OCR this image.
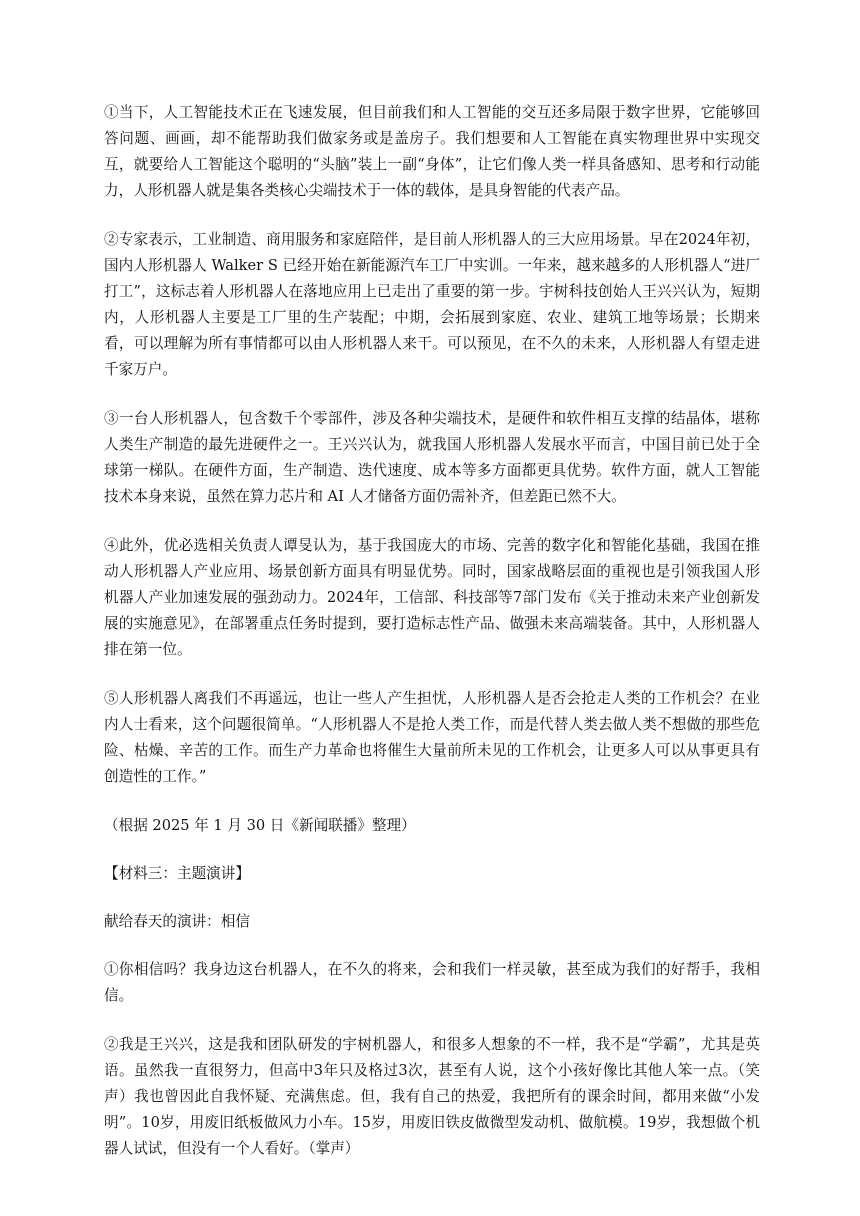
①当下，人工智能技术正在飞速发展，但目前我们和人工智能的交互还多局限于数字世界，它能够回答问题、画画，却不能帮助我们做家务或是盖房子。我们想要和人工智能在真实物理世界中实现交互，就要给人工智能这个聪明的“头脑”装上一副“身体”，让它们像人类一样具备感知、思考和行动能力，人形机器人就是集各类核心尖端技术于一体的载体，是具身智能的代表产品。

②专家表示，工业制造、商用服务和家庭陪伴，是目前人形机器人的三大应用场景。早在2024年初，国内人形机器人 Walker S 已经开始在新能源汽车工厂中实训。一年来，越来越多的人形机器人“进厂打工”，这标志着人形机器人在落地应用上已走出了重要的第一步。宇树科技创始人王兴兴认为，短期内，人形机器人主要是工厂里的生产装配；中期，会拓展到家庭、农业、建筑工地等场景；长期来看，可以理解为所有事情都可以由人形机器人来干。可以预见，在不久的未来，人形机器人有望走进千家万户。

③一台人形机器人，包含数千个零部件，涉及各种尖端技术，是硬件和软件相互支撑的结晶体，堪称人类生产制造的最先进硬件之一。王兴兴认为，就我国人形机器人发展水平而言，中国目前已处于全球第一梯队。在硬件方面，生产制造、迭代速度、成本等多方面都更具优势。软件方面，就人工智能技术本身来说，虽然在算力芯片和 AI 人才储备方面仍需补齐，但差距已然不大。

④此外，优必选相关负责人谭旻认为，基于我国庞大的市场、完善的数字化和智能化基础，我国在推动人形机器人产业应用、场景创新方面具有明显优势。同时，国家战略层面的重视也是引领我国人形机器人产业加速发展的强劲动力。2024年，工信部、科技部等7部门发布《关于推动未来产业创新发展的实施意见》，在部署重点任务时提到，要打造标志性产品、做强未来高端装备。其中，人形机器人排在第一位。

⑤人形机器人离我们不再遥远，也让一些人产生担忧，人形机器人是否会抢走人类的工作机会？在业内人士看来，这个问题很简单。“人形机器人不是抢人类工作，而是代替人类去做人类不想做的那些危险、枯燥、辛苦的工作。而生产力革命也将催生大量前所未见的工作机会，让更多人可以从事更具有创造性的工作。”

（根据 2025 年 1 月 30 日《新闻联播》整理）

【材料三：主题演讲】

献给春天的演讲：相信

①你相信吗？我身边这台机器人，在不久的将来，会和我们一样灵敏，甚至成为我们的好帮手，我相信。

②我是王兴兴，这是我和团队研发的宇树机器人，和很多人想象的不一样，我不是“学霸”，尤其是英语。虽然我一直很努力，但高中3年只及格过3次，甚至有人说，这个小孩好像比其他人笨一点。（笑声）我也曾因此自我怀疑、充满焦虑。但，我有自己的热爱，我把所有的课余时间，都用来做“小发明”。10岁，用废旧纸板做风力小车。15岁，用废旧铁皮做微型发动机、做航模。19岁，我想做个机器人试试，但没有一个人看好。（掌声）
